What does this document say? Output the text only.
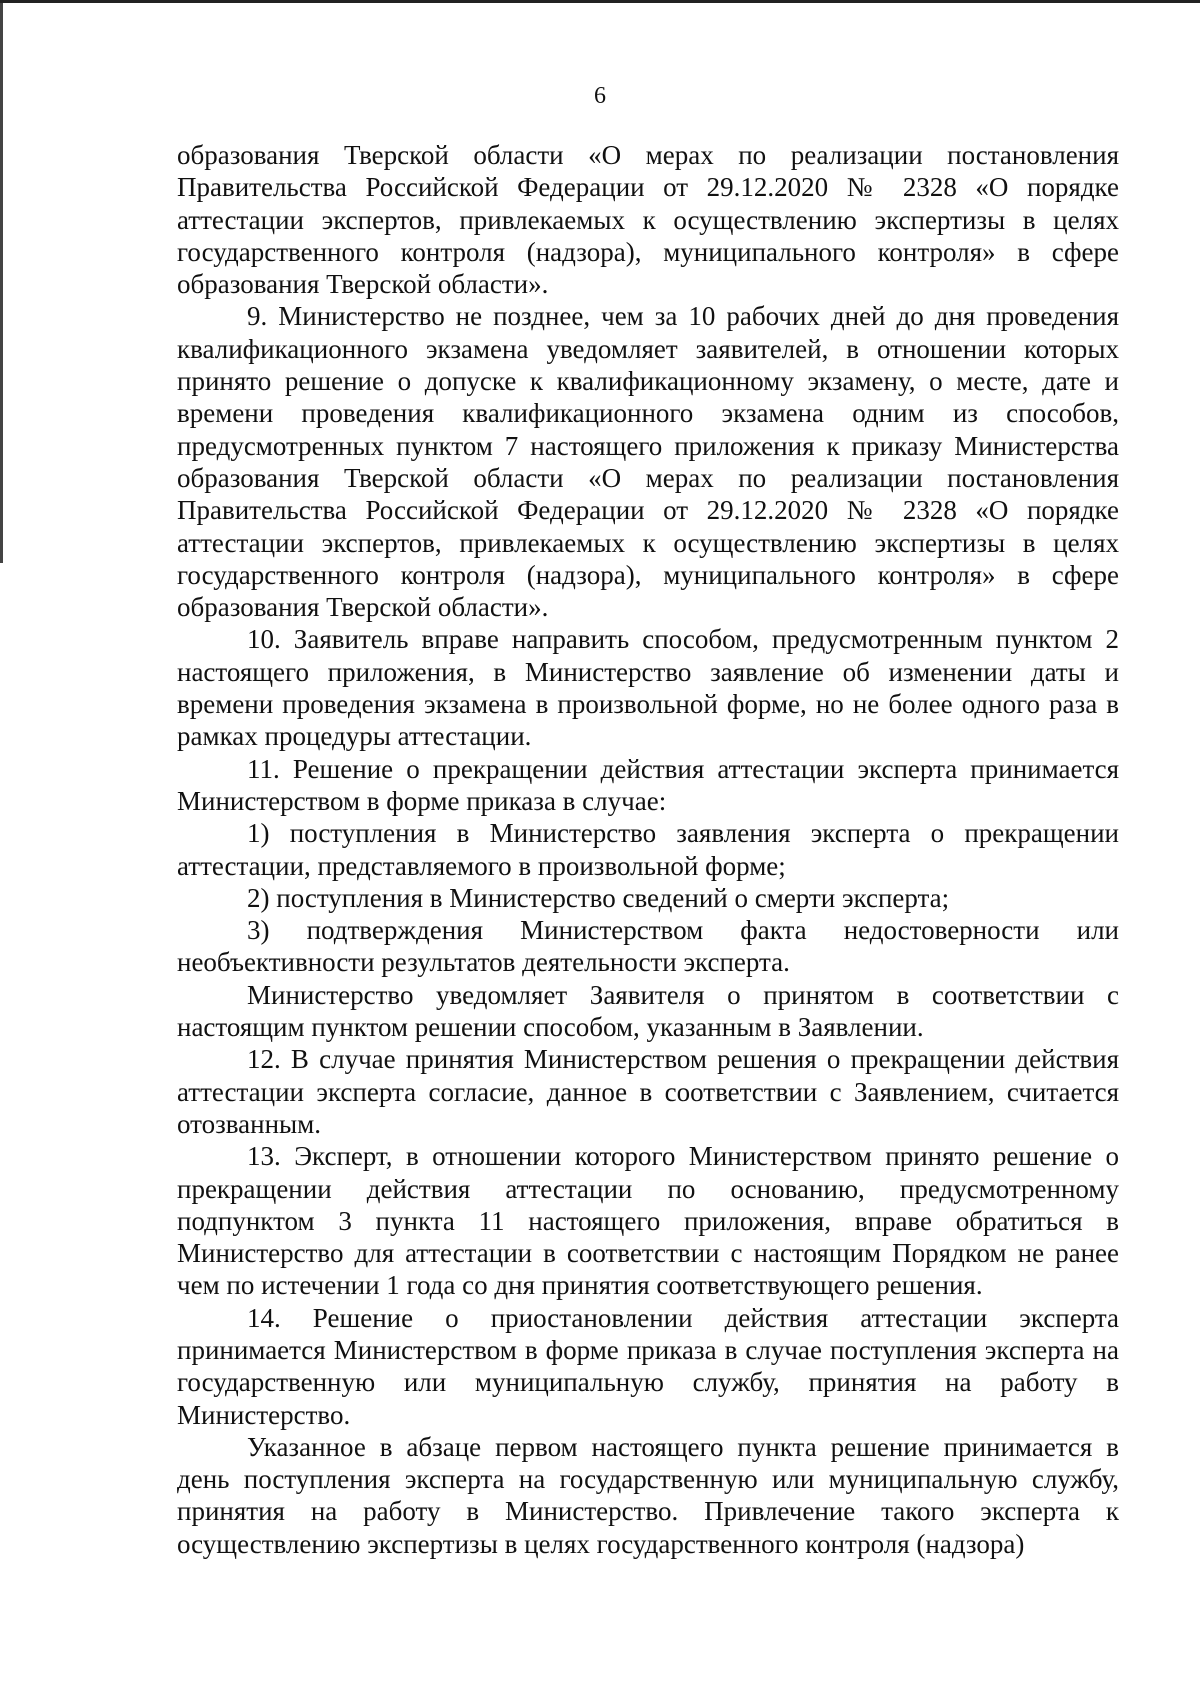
6

образования Тверской области «О мерах по реализации постановления Правительства Российской Федерации от 29.12.2020 № 2328 «О порядке аттестации экспертов, привлекаемых к осуществлению экспертизы в целях государственного контроля (надзора), муниципального контроля» в сфере образования Тверской области».

9. Министерство не позднее, чем за 10 рабочих дней до дня проведения квалификационного экзамена уведомляет заявителей, в отношении которых принято решение о допуске к квалификационному экзамену, о месте, дате и времени проведения квалификационного экзамена одним из способов, предусмотренных пунктом 7 настоящего приложения к приказу Министерства образования Тверской области «О мерах по реализации постановления Правительства Российской Федерации от 29.12.2020 № 2328 «О порядке аттестации экспертов, привлекаемых к осуществлению экспертизы в целях государственного контроля (надзора), муниципального контроля» в сфере образования Тверской области».

10. Заявитель вправе направить способом, предусмотренным пунктом 2 настоящего приложения, в Министерство заявление об изменении даты и времени проведения экзамена в произвольной форме, но не более одного раза в рамках процедуры аттестации.

11. Решение о прекращении действия аттестации эксперта принимается Министерством в форме приказа в случае:

1) поступления в Министерство заявления эксперта о прекращении аттестации, представляемого в произвольной форме;

2) поступления в Министерство сведений о смерти эксперта;

3) подтверждения Министерством факта недостоверности или необъективности результатов деятельности эксперта.

Министерство уведомляет Заявителя о принятом в соответствии с настоящим пунктом решении способом, указанным в Заявлении.

12. В случае принятия Министерством решения о прекращении действия аттестации эксперта согласие, данное в соответствии с Заявлением, считается отозванным.

13. Эксперт, в отношении которого Министерством принято решение о прекращении действия аттестации по основанию, предусмотренному подпунктом 3 пункта 11 настоящего приложения, вправе обратиться в Министерство для аттестации в соответствии с настоящим Порядком не ранее чем по истечении 1 года со дня принятия соответствующего решения.

14. Решение о приостановлении действия аттестации эксперта принимается Министерством в форме приказа в случае поступления эксперта на государственную или муниципальную службу, принятия на работу в Министерство.

Указанное в абзаце первом настоящего пункта решение принимается в день поступления эксперта на государственную или муниципальную службу, принятия на работу в Министерство. Привлечение такого эксперта к осуществлению экспертизы в целях государственного контроля (надзора)
